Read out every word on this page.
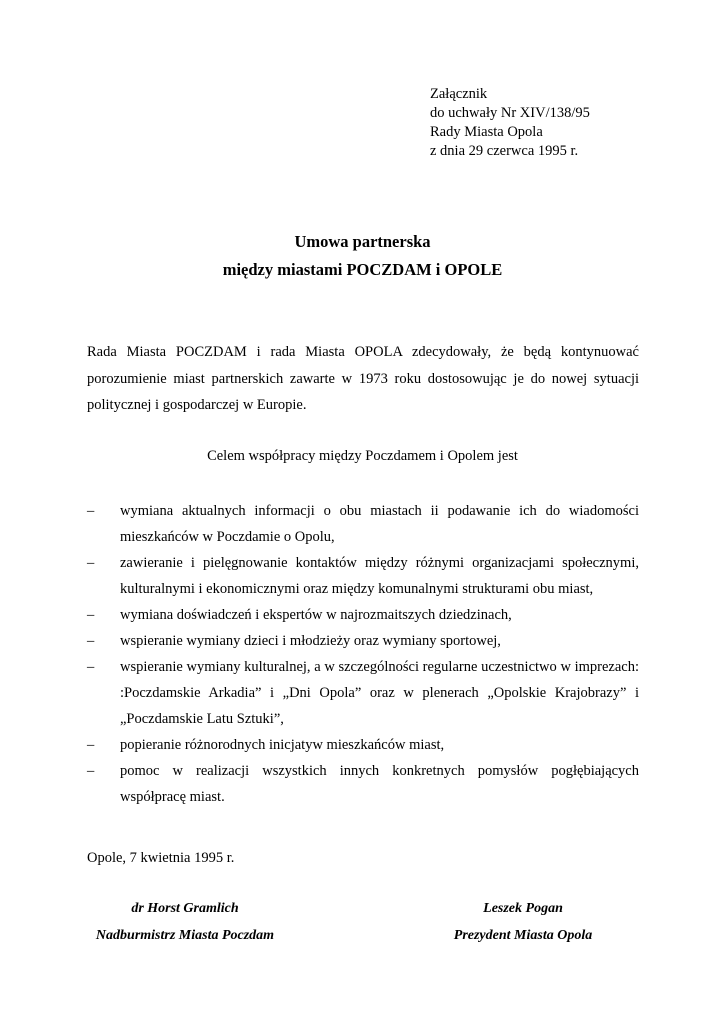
Załącznik
do uchwały Nr XIV/138/95
Rady Miasta Opola
z dnia 29 czerwca 1995 r.
Umowa partnerska
między miastami POCZDAM i OPOLE
Rada Miasta POCZDAM i rada Miasta OPOLA zdecydowały, że będą kontynuować porozumienie miast partnerskich zawarte w 1973 roku dostosowując je do nowej sytuacji politycznej i gospodarczej w Europie.
Celem współpracy między Poczdamem i Opolem jest
– wymiana aktualnych informacji o obu miastach ii podawanie ich do wiadomości mieszkańców w Poczdamie o Opolu,
– zawieranie i pielęgnowanie kontaktów między różnymi organizacjami społecznymi, kulturalnymi i ekonomicznymi oraz między komunalnymi strukturami obu miast,
– wymiana doświadczeń i ekspertów w najrozmaitszych dziedzinach,
– wspieranie wymiany dzieci i młodzieży oraz wymiany sportowej,
– wspieranie wymiany kulturalnej, a w szczególności regularne uczestnictwo w imprezach: :Poczdamskie Arkadia” i „Dni Opola” oraz w plenerach „Opolskie Krajobrazy” i „Poczdamskie Latu Sztuki”,
– popieranie różnorodnych inicjatyw mieszkańców miast,
– pomoc w realizacji wszystkich innych konkretnych pomysłów pogłębiających współpracę miast.
Opole, 7 kwietnia 1995 r.
dr Horst Gramlich
Nadburmistrz Miasta Poczdam
Leszek Pogan
Prezydent Miasta Opola
